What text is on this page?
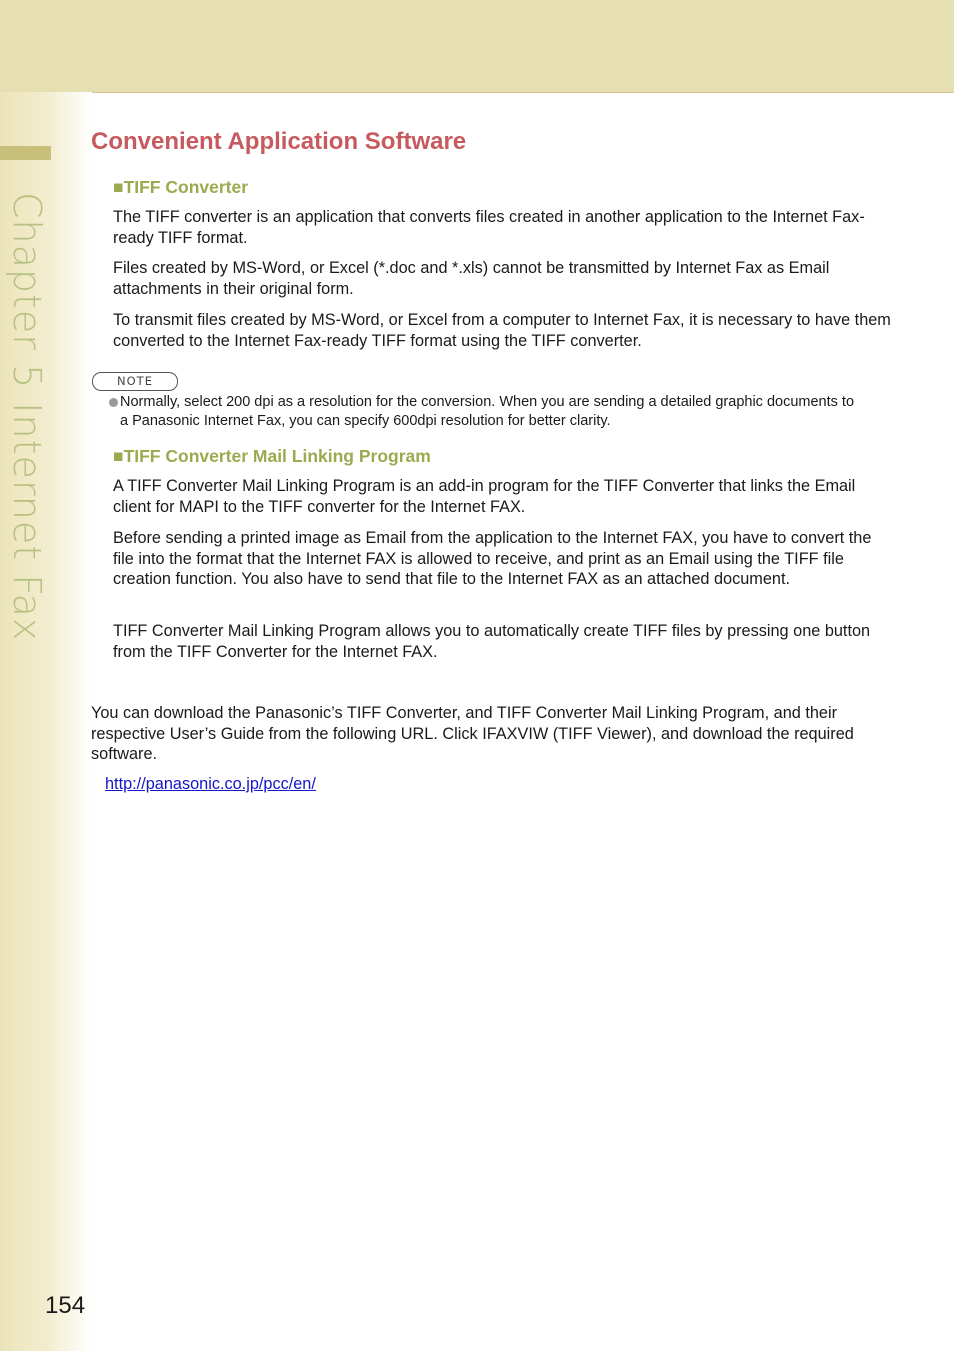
Chapter 5 Internet Fax
Convenient Application Software
■TIFF Converter

The TIFF converter is an application that converts files created in another application to the Internet Fax-ready TIFF format.

Files created by MS-Word, or Excel (*.doc and *.xls) cannot be transmitted by Internet Fax as Email attachments in their original form.

To transmit files created by MS-Word, or Excel from a computer to Internet Fax, it is necessary to have them converted to the Internet Fax-ready TIFF format using the TIFF converter.

NOTE

Normally, select 200 dpi as a resolution for the conversion. When you are sending a detailed graphic documents to a Panasonic Internet Fax, you can specify 600dpi resolution for better clarity.

■TIFF Converter Mail Linking Program

A TIFF Converter Mail Linking Program is an add-in program for the TIFF Converter that links the Email client for MAPI to the TIFF converter for the Internet FAX.

Before sending a printed image as Email from the application to the Internet FAX, you have to convert the file into the format that the Internet FAX is allowed to receive, and print as an Email using the TIFF file creation function. You also have to send that file to the Internet FAX as an attached document.

TIFF Converter Mail Linking Program allows you to automatically create TIFF files by pressing one button from the TIFF Converter for the Internet FAX.

You can download the Panasonic’s TIFF Converter, and TIFF Converter Mail Linking Program, and their respective User’s Guide from the following URL. Click IFAXVIW (TIFF Viewer), and download the required software.

http://panasonic.co.jp/pcc/en/
154
